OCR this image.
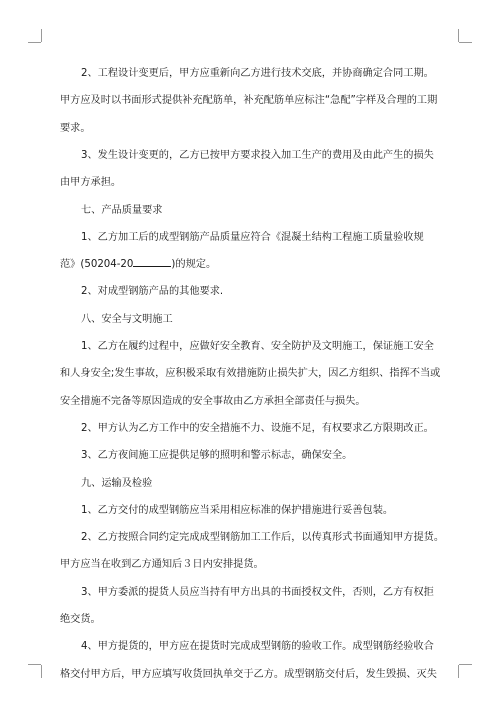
2、工程设计变更后，甲方应重新向乙方进行技术交底，并协商确定合同工期。
甲方应及时以书面形式提供补充配筋单，补充配筋单应标注“急配”字样及合理的工期
要求。

3、发生设计变更的，乙方已按甲方要求投入加工生产的费用及由此产生的损失
由甲方承担。

七、产品质量要求

1、乙方加工后的成型钢筋产品质量应符合《混凝土结构工程施工质量验收规
范》(50204-20	)的规定。

2、对成型钢筋产品的其他要求.

八、安全与文明施工

1、乙方在履约过程中，应做好安全教育、安全防护及文明施工，保证施工安全
和人身安全;发生事故，应积极采取有效措施防止损失扩大，因乙方组织、指挥不当或
安全措施不完备等原因造成的安全事故由乙方承担全部责任与损失。

2、甲方认为乙方工作中的安全措施不力、设施不足，有权要求乙方限期改正。

3、乙方夜间施工应提供足够的照明和警示标志，确保安全。

九、运输及检验

1、乙方交付的成型钢筋应当采用相应标准的保护措施进行妥善包装。

2、乙方按照合同约定完成成型钢筋加工工作后，以传真形式书面通知甲方提货。
甲方应当在收到乙方通知后３日内安排提货。

3、甲方委派的提货人员应当持有甲方出具的书面授权文件，否则，乙方有权拒
绝交货。

4、甲方提货的，甲方应在提货时完成成型钢筋的验收工作。成型钢筋经验收合
格交付甲方后，甲方应填写收货回执单交于乙方。成型钢筋交付后，发生毁损、灭失
